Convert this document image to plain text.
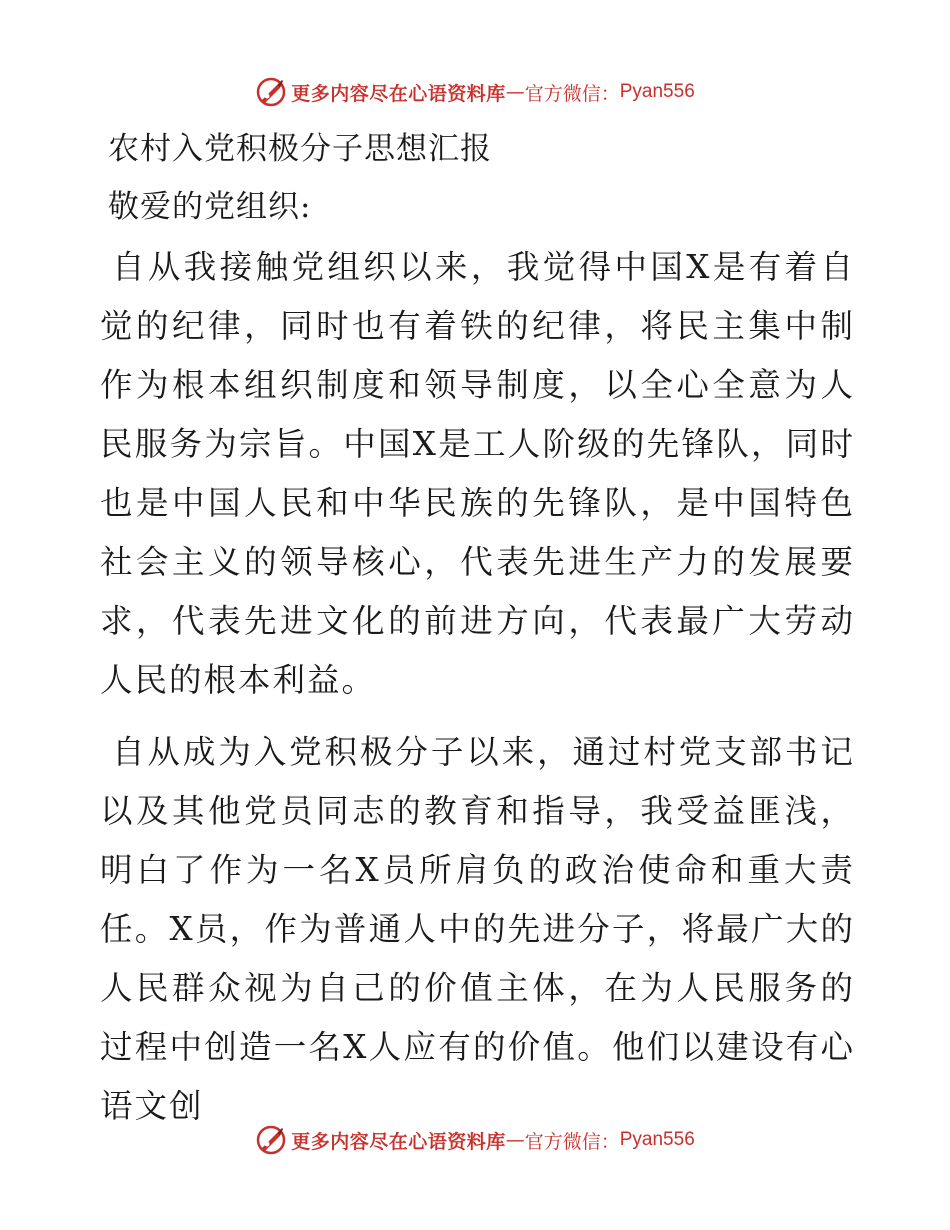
更多内容尽在心语资料库 — 官方微信： Pyan556

农村入党积极分子思想汇报

敬爱的党组织:

自从我接触党组织以来，我觉得中国X是有着自觉的纪律，同时也有着铁的纪律，将民主集中制作为根本组织制度和领导制度，以全心全意为人民服务为宗旨。中国X是工人阶级的先锋队，同时也是中国人民和中华民族的先锋队，是中国特色社会主义的领导核心，代表先进生产力的发展要求，代表先进文化的前进方向，代表最广大劳动人民的根本利益。

自从成为入党积极分子以来，通过村党支部书记以及其他党员同志的教育和指导，我受益匪浅，明白了作为一名X员所肩负的政治使命和重大责任。X员，作为普通人中的先进分子，将最广大的人民群众视为自己的价值主体，在为人民服务的过程中创造一名X人应有的价值。他们以建设有心语文创

更多内容尽在心语资料库 — 官方微信： Pyan556
